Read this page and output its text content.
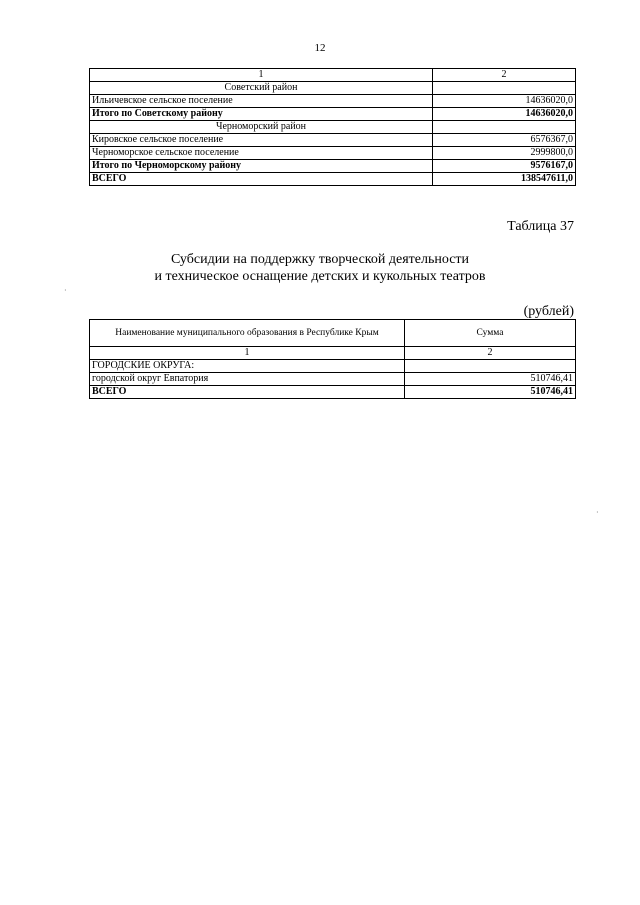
12
1	2
Советский район	
Ильичевское сельское поселение	14636020,0
Итого по Советскому району	14636020,0
Черноморский район	
Кировское сельское поселение	6576367,0
Черноморское сельское поселение	2999800,0
Итого по Черноморскому району	9576167,0
ВСЕГО	138547611,0
Таблица 37
Субсидии на поддержку творческой деятельности
и техническое оснащение детских и кукольных театров
(рублей)
Наименование муниципального образования в Республике Крым	Сумма
1	2
ГОРОДСКИЕ ОКРУГА:	
городской округ Евпатория	510746,41
ВСЕГО	510746,41
·
·
